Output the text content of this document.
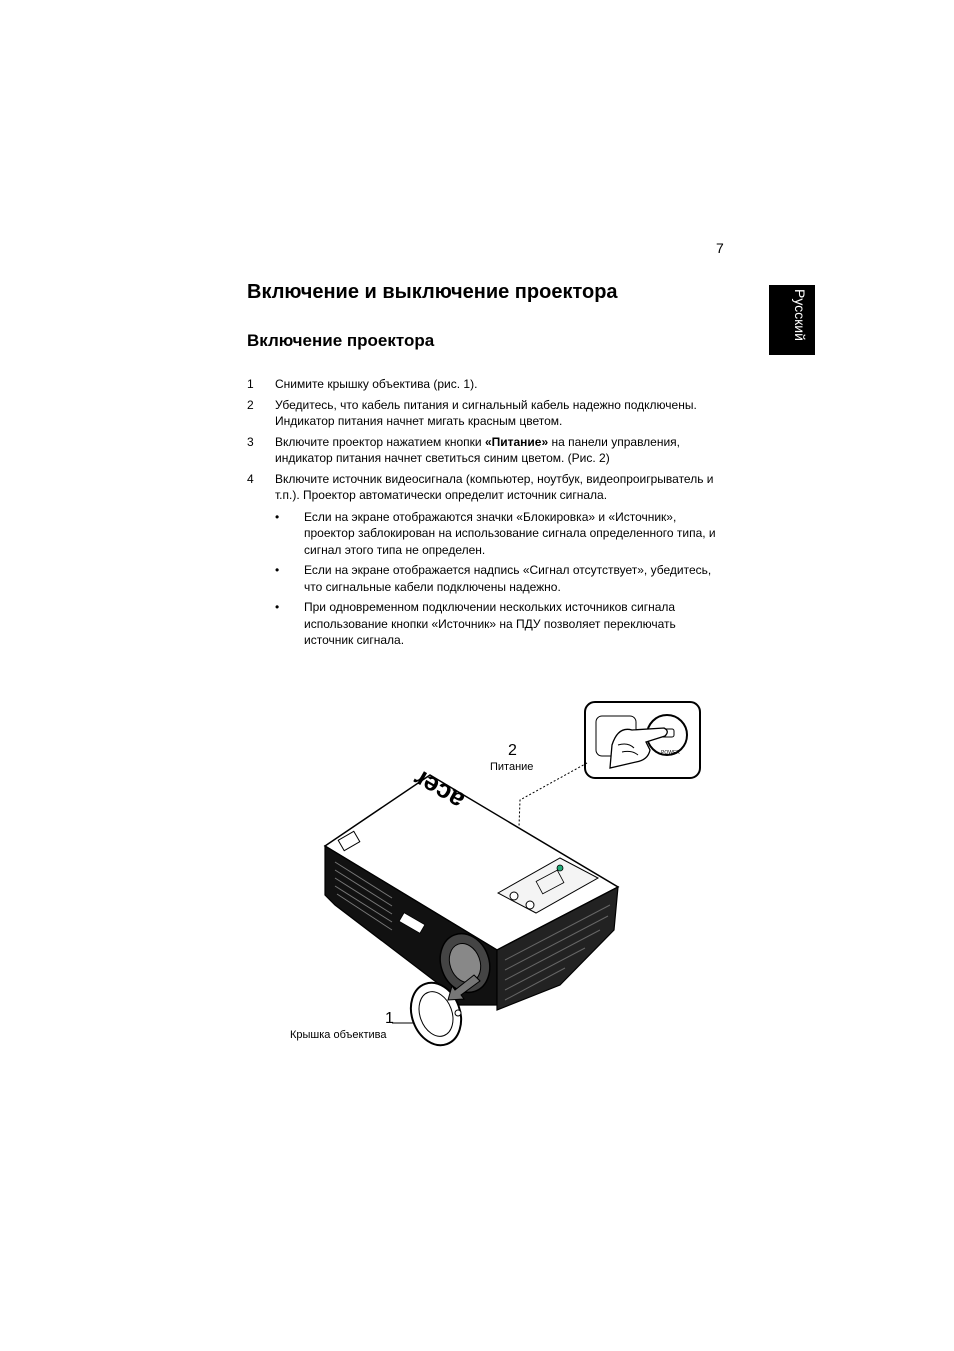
7
Русский
Включение и выключение проектора
Включение проектора
1 Снимите крышку объектива (рис. 1).
2 Убедитесь, что кабель питания и сигнальный кабель надежно подключены. Индикатор питания начнет мигать красным цветом.
3 Включите проектор нажатием кнопки «Питание» на панели управления, индикатор питания начнет светиться синим цветом. (Рис. 2)
4 Включите источник видеосигнала (компьютер, ноутбук, видеопроигрыватель и т.п.). Проектор автоматически определит источник сигнала.
• Если на экране отображаются значки «Блокировка» и «Источник», проектор заблокирован на использование сигнала определенного типа, и сигнал этого типа не определен.
• Если на экране отображается надпись «Сигнал отсутствует», убедитесь, что сигнальные кабели подключены надежно.
• При одновременном подключении нескольких источников сигнала использование кнопки «Источник» на ПДУ позволяет переключать источник сигнала.
POWER
acer
2
Питание
1
Крышка объектива
